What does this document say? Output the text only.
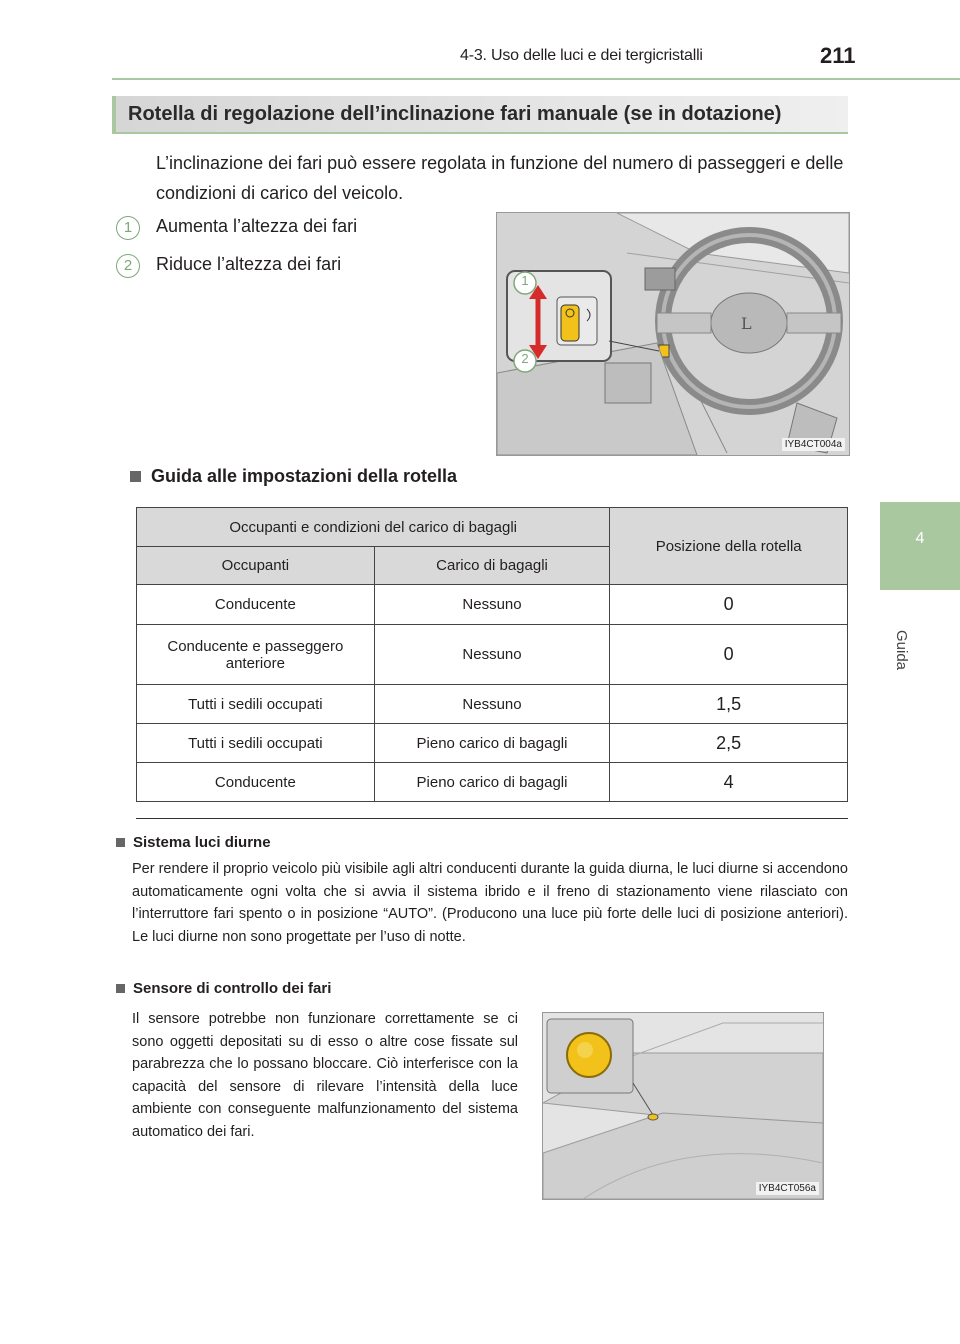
4-3. Uso delle luci e dei tergicristalli	211
4
Guida
Rotella di regolazione dell’inclinazione fari manuale (se in dotazione)
L’inclinazione dei fari può essere regolata in funzione del numero di passeggeri e delle condizioni di carico del veicolo.
1	Aumenta l’altezza dei fari
2	Riduce l’altezza dei fari
L
1
2
IYB4CT004a
Guida alle impostazioni della rotella
Occupanti e condizioni del carico di bagagli		Posizione della rotella
Occupanti	Carico di bagagli	
Conducente	Nessuno	0
Conducente e passeggero anteriore	Nessuno	0
Tutti i sedili occupati	Nessuno	1,5
Tutti i sedili occupati	Pieno carico di bagagli	2,5
Conducente	Pieno carico di bagagli	4
Sistema luci diurne
Per rendere il proprio veicolo più visibile agli altri conducenti durante la guida diurna, le luci diurne si accendono automaticamente ogni volta che si avvia il sistema ibrido e il freno di stazionamento viene rilasciato con l’interruttore fari spento o in posizione “AUTO”. (Producono una luce più forte delle luci di posizione anteriori). Le luci diurne non sono progettate per l’uso di notte.
Sensore di controllo dei fari
Il sensore potrebbe non funzionare correttamente se ci sono oggetti depositati su di esso o altre cose fissate sul parabrezza che lo possano bloccare. Ciò interferisce con la capacità del sensore di rilevare l’intensità della luce ambiente con conseguente malfunzionamento del sistema automatico dei fari.
IYB4CT056a
